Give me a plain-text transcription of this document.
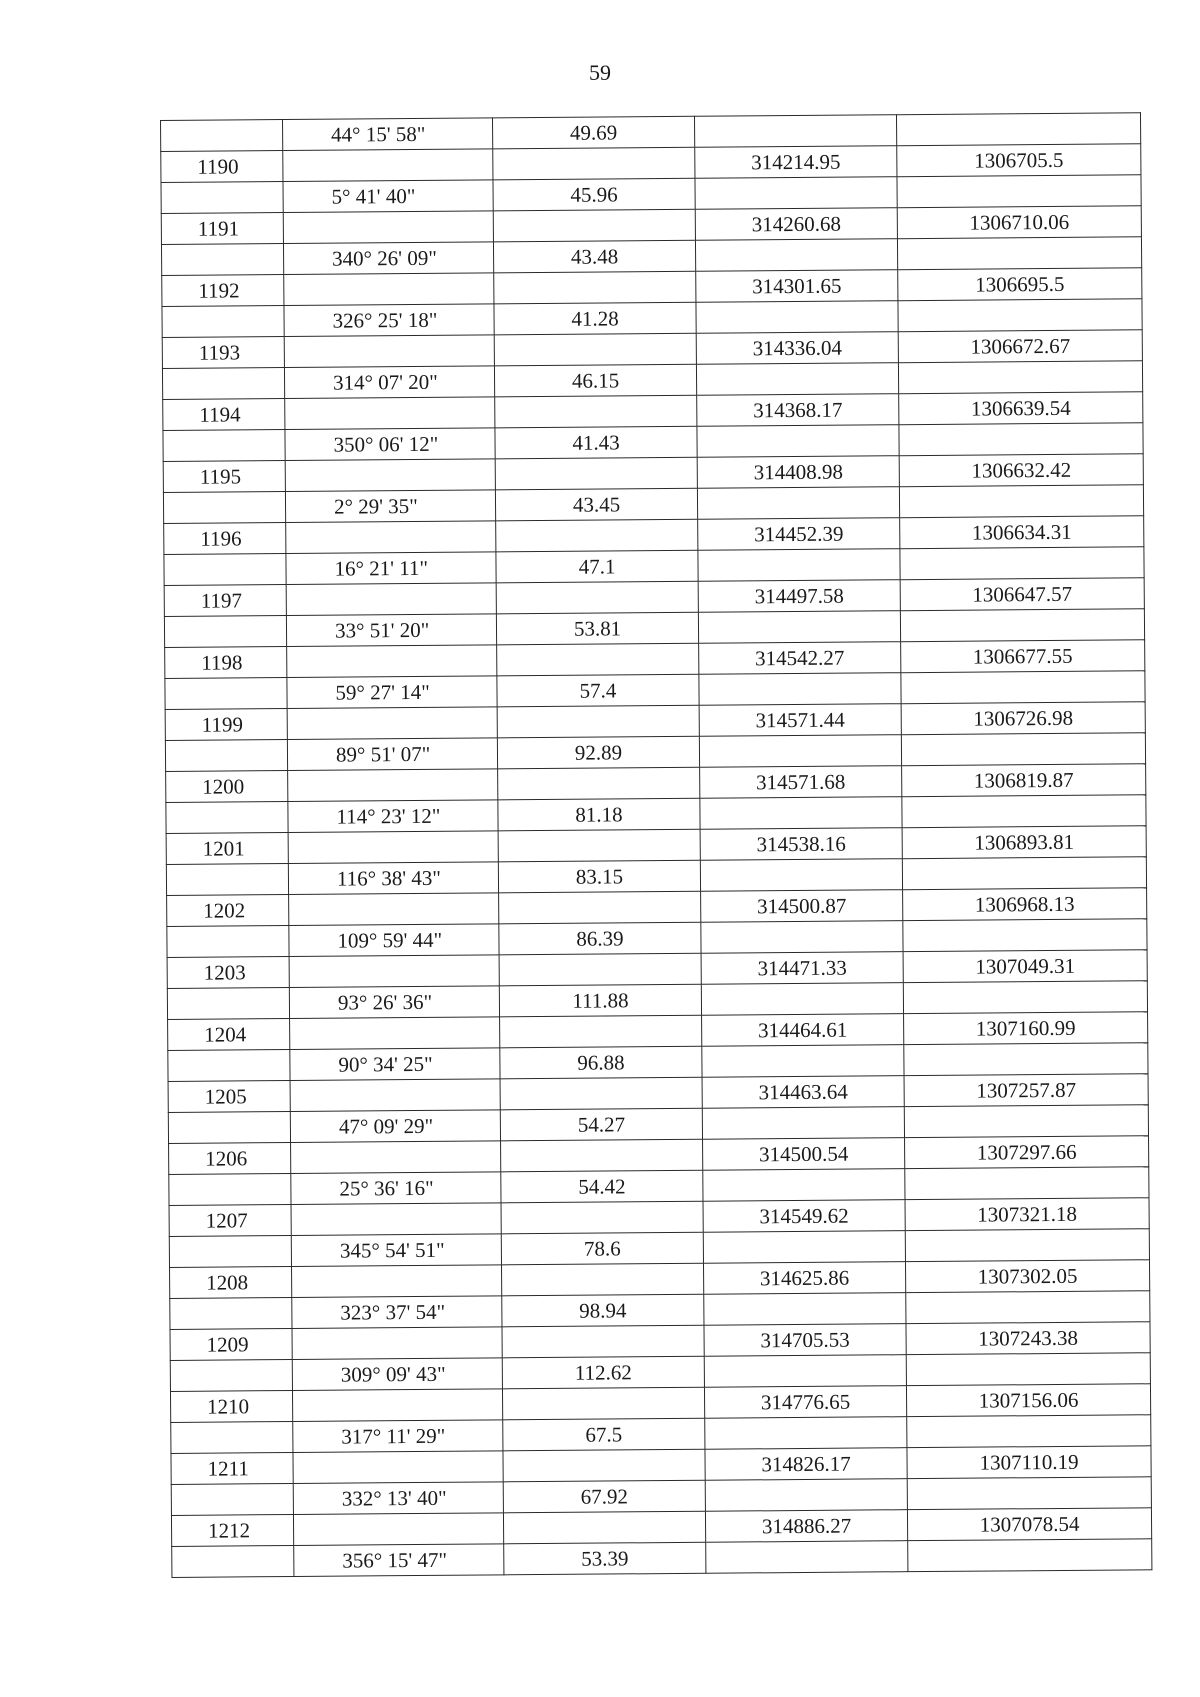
59
	44° 15' 58"	49.69		
1190			314214.95	1306705.5
	5° 41' 40"	45.96		
1191			314260.68	1306710.06
	340° 26' 09"	43.48		
1192			314301.65	1306695.5
	326° 25' 18"	41.28		
1193			314336.04	1306672.67
	314° 07' 20"	46.15		
1194			314368.17	1306639.54
	350° 06' 12"	41.43		
1195			314408.98	1306632.42
	2° 29' 35"	43.45		
1196			314452.39	1306634.31
	16° 21' 11"	47.1		
1197			314497.58	1306647.57
	33° 51' 20"	53.81		
1198			314542.27	1306677.55
	59° 27' 14"	57.4		
1199			314571.44	1306726.98
	89° 51' 07"	92.89		
1200			314571.68	1306819.87
	114° 23' 12"	81.18		
1201			314538.16	1306893.81
	116° 38' 43"	83.15		
1202			314500.87	1306968.13
	109° 59' 44"	86.39		
1203			314471.33	1307049.31
	93° 26' 36"	111.88		
1204			314464.61	1307160.99
	90° 34' 25"	96.88		
1205			314463.64	1307257.87
	47° 09' 29"	54.27		
1206			314500.54	1307297.66
	25° 36' 16"	54.42		
1207			314549.62	1307321.18
	345° 54' 51"	78.6		
1208			314625.86	1307302.05
	323° 37' 54"	98.94		
1209			314705.53	1307243.38
	309° 09' 43"	112.62		
1210			314776.65	1307156.06
	317° 11' 29"	67.5		
1211			314826.17	1307110.19
	332° 13' 40"	67.92		
1212			314886.27	1307078.54
	356° 15' 47"	53.39		
